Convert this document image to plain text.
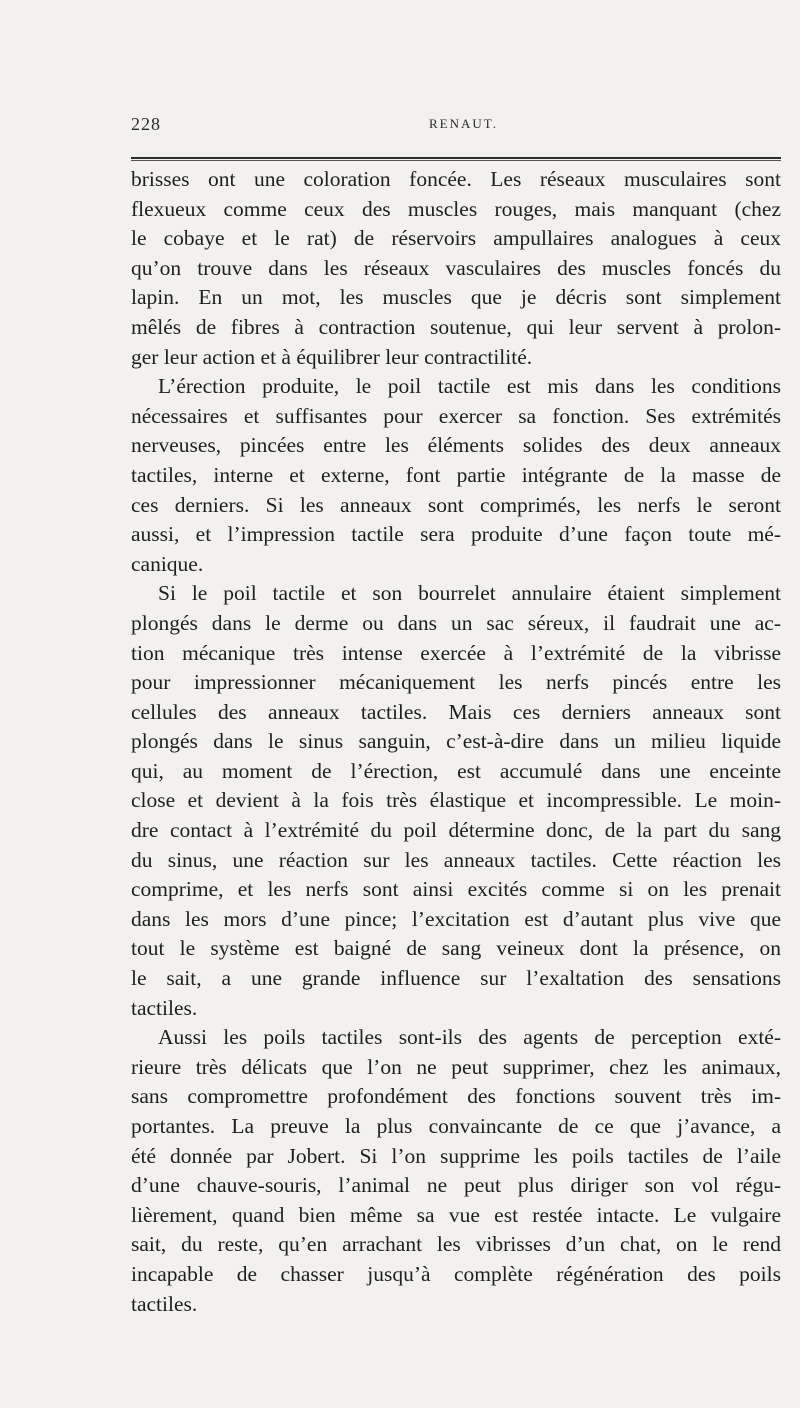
228	RENAUT.

brisses ont une coloration foncée. Les réseaux musculaires sont
flexueux comme ceux des muscles rouges, mais manquant (chez
le cobaye et le rat) de réservoirs ampullaires analogues à ceux
qu’on trouve dans les réseaux vasculaires des muscles foncés du
lapin. En un mot, les muscles que je décris sont simplement
mêlés de fibres à contraction soutenue, qui leur servent à prolon-
ger leur action et à équilibrer leur contractilité.

L’érection produite, le poil tactile est mis dans les conditions
nécessaires et suffisantes pour exercer sa fonction. Ses extrémités
nerveuses, pincées entre les éléments solides des deux anneaux
tactiles, interne et externe, font partie intégrante de la masse de
ces derniers. Si les anneaux sont comprimés, les nerfs le seront
aussi, et l’impression tactile sera produite d’une façon toute mé-
canique.

Si le poil tactile et son bourrelet annulaire étaient simplement
plongés dans le derme ou dans un sac séreux, il faudrait une ac-
tion mécanique très intense exercée à l’extrémité de la vibrisse
pour impressionner mécaniquement les nerfs pincés entre les
cellules des anneaux tactiles. Mais ces derniers anneaux sont
plongés dans le sinus sanguin, c’est-à-dire dans un milieu liquide
qui, au moment de l’érection, est accumulé dans une enceinte
close et devient à la fois très élastique et incompressible. Le moin-
dre contact à l’extrémité du poil détermine donc, de la part du sang
du sinus, une réaction sur les anneaux tactiles. Cette réaction les
comprime, et les nerfs sont ainsi excités comme si on les prenait
dans les mors d’une pince; l’excitation est d’autant plus vive que
tout le système est baigné de sang veineux dont la présence, on
le sait, a une grande influence sur l’exaltation des sensations
tactiles.

Aussi les poils tactiles sont-ils des agents de perception exté-
rieure très délicats que l’on ne peut supprimer, chez les animaux,
sans compromettre profondément des fonctions souvent très im-
portantes. La preuve la plus convaincante de ce que j’avance, a
été donnée par Jobert. Si l’on supprime les poils tactiles de l’aile
d’une chauve-souris, l’animal ne peut plus diriger son vol régu-
lièrement, quand bien même sa vue est restée intacte. Le vulgaire
sait, du reste, qu’en arrachant les vibrisses d’un chat, on le rend
incapable de chasser jusqu’à complète régénération des poils
tactiles.
